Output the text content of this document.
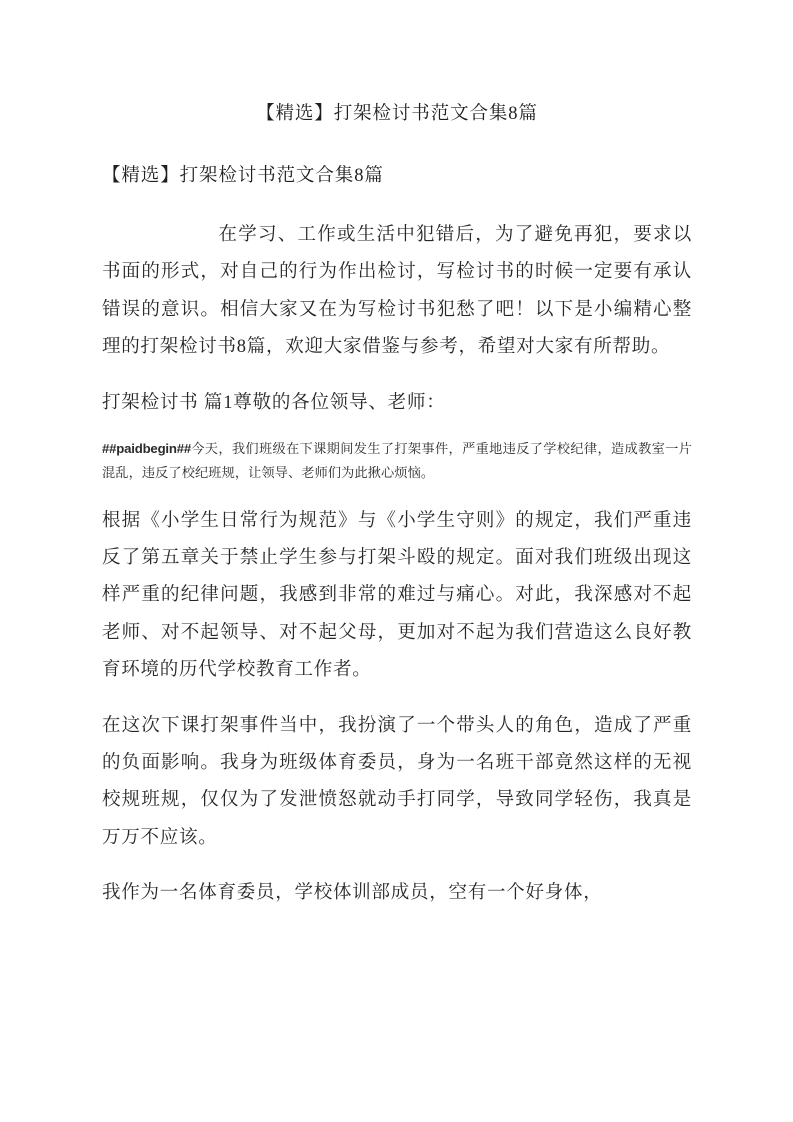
【精选】打架检讨书范文合集8篇

【精选】打架检讨书范文合集8篇

在学习、工作或生活中犯错后，为了避免再犯，要求以书面的形式，对自己的行为作出检讨，写检讨书的时候一定要有承认错误的意识。相信大家又在为写检讨书犯愁了吧！以下是小编精心整理的打架检讨书8篇，欢迎大家借鉴与参考，希望对大家有所帮助。

打架检讨书 篇1尊敬的各位领导、老师：

##paidbegin##今天，我们班级在下课期间发生了打架事件，严重地违反了学校纪律，造成教室一片混乱，违反了校纪班规，让领导、老师们为此揪心烦恼。

根据《小学生日常行为规范》与《小学生守则》的规定，我们严重违反了第五章关于禁止学生参与打架斗殴的规定。面对我们班级出现这样严重的纪律问题，我感到非常的难过与痛心。对此，我深感对不起老师、对不起领导、对不起父母，更加对不起为我们营造这么良好教育环境的历代学校教育工作者。

在这次下课打架事件当中，我扮演了一个带头人的角色，造成了严重的负面影响。我身为班级体育委员，身为一名班干部竟然这样的无视校规班规，仅仅为了发泄愤怒就动手打同学，导致同学轻伤，我真是万万不应该。

我作为一名体育委员，学校体训部成员，空有一个好身体，
